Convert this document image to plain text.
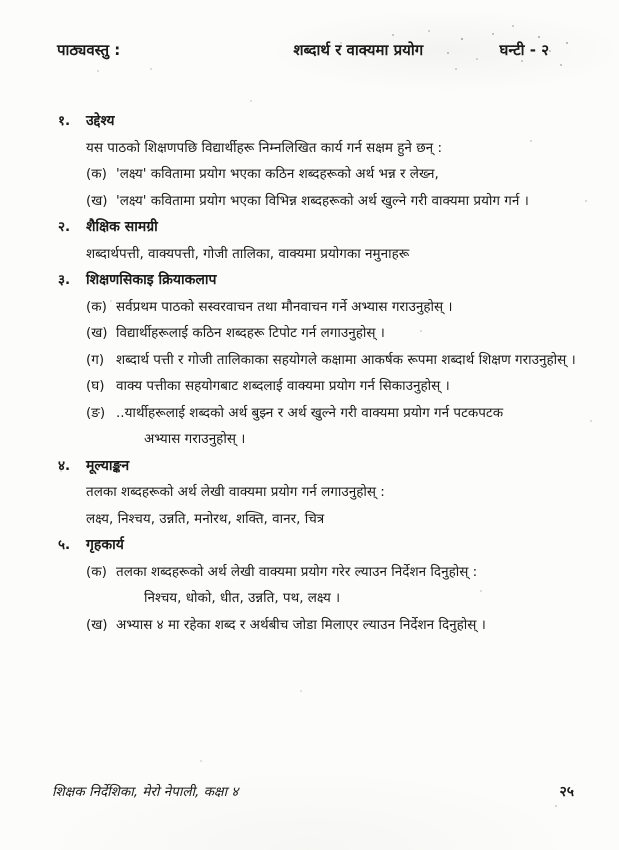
पाठ्यवस्तु :	शब्दार्थ र वाक्यमा प्रयोग	घन्टी - २
१.	उद्देश्य
यस पाठको शिक्षणपछि विद्यार्थीहरू निम्नलिखित कार्य गर्न सक्षम हुने छन् :
(क) 'लक्ष्य' कवितामा प्रयोग भएका कठिन शब्दहरूको अर्थ भन्न र लेख्न,
(ख) 'लक्ष्य' कवितामा प्रयोग भएका विभिन्न शब्दहरूको अर्थ खुल्ने गरी वाक्यमा प्रयोग गर्न ।
२.	शैक्षिक सामग्री
शब्दार्थपत्ती, वाक्यपत्ती, गोजी तालिका, वाक्यमा प्रयोगका नमुनाहरू
३.	शिक्षणसिकाइ क्रियाकलाप
(क) सर्वप्रथम पाठको सस्वरवाचन तथा मौनवाचन गर्ने अभ्यास गराउनुहोस् ।
(ख) विद्यार्थीहरूलाई कठिन शब्दहरू टिपोट गर्न लगाउनुहोस् ।
(ग) शब्दार्थ पत्ती र गोजी तालिकाका सहयोगले कक्षामा आकर्षक रूपमा शब्दार्थ शिक्षण गराउनुहोस् ।
(घ) वाक्य पत्तीका सहयोगबाट शब्दलाई वाक्यमा प्रयोग गर्न सिकाउनुहोस् ।
(ङ) ..यार्थीहरूलाई शब्दको अर्थ बुझ्न र अर्थ खुल्ने गरी वाक्यमा प्रयोग गर्न पटकपटक
अभ्यास गराउनुहोस् ।
४.	मूल्याङ्कन
तलका शब्दहरूको अर्थ लेखी वाक्यमा प्रयोग गर्न लगाउनुहोस् :
लक्ष्य, निश्चय, उन्नति, मनोरथ, शक्ति, वानर, चित्र
५.	गृहकार्य
(क) तलका शब्दहरूको अर्थ लेखी वाक्यमा प्रयोग गरेर ल्याउन निर्देशन दिनुहोस् :
निश्चय, धोको, धीत, उन्नति, पथ, लक्ष्य ।
(ख) अभ्यास ४ मा रहेका शब्द र अर्थबीच जोडा मिलाएर ल्याउन निर्देशन दिनुहोस् ।
शिक्षक निर्देशिका, मेरो नेपाली, कक्षा ४	२५
